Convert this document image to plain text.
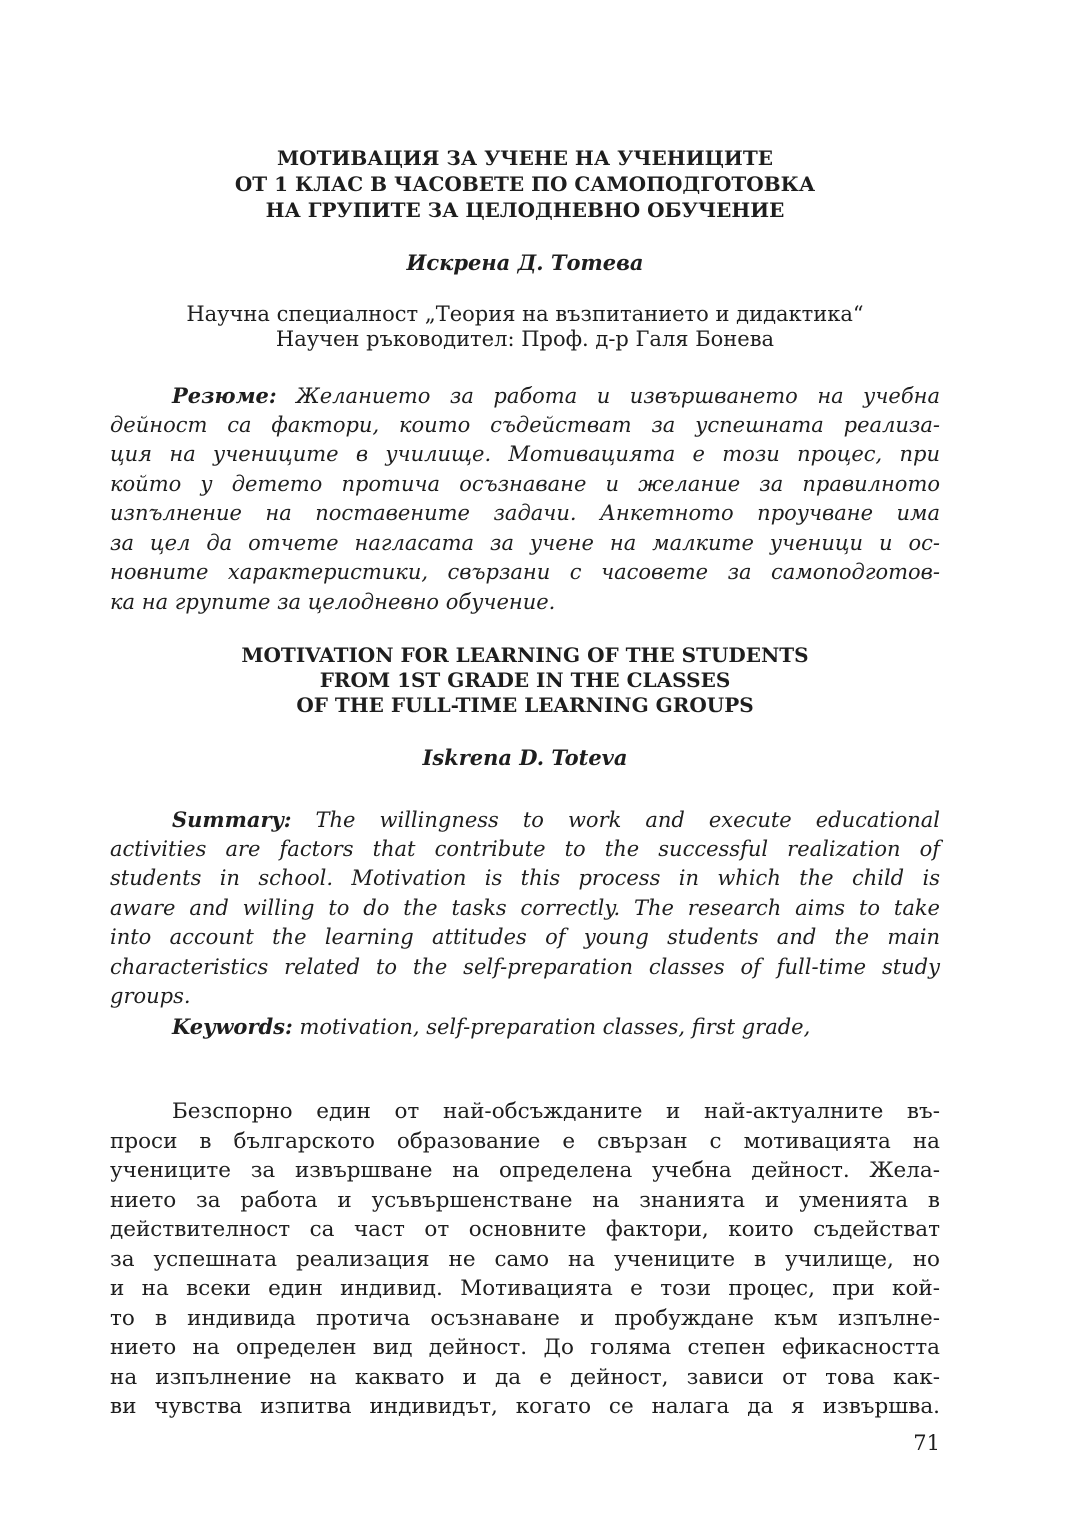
МОТИВАЦИЯ ЗА УЧЕНЕ НА УЧЕНИЦИТЕ
ОТ 1 КЛАС В ЧАСОВЕТЕ ПО САМОПОДГОТОВКА
НА ГРУПИТЕ ЗА ЦЕЛОДНЕВНО ОБУЧЕНИЕ
Искрена Д. Тотева
Научна специалност „Теория на възпитанието и дидактика“
Научен ръководител: Проф. д-р Галя Бонева
Резюме: Желанието за работа и извършването на учебна
дейност са фактори, които съдействат за успешната реализа-
ция на учениците в училище. Мотивацията е този процес, при
който у детето протича осъзнаване и желание за правилното
изпълнение на поставените задачи. Анкетното проучване има
за цел да отчете нагласата за учене на малките ученици и ос-
новните характеристики, свързани с часовете за самоподготов-
ка на групите за целодневно обучение.
MOTIVATION FOR LEARNING OF THE STUDENTS
FROM 1ST GRADE IN THE CLASSES
OF THE FULL-TIME LEARNING GROUPS
Iskrena D. Toteva
Summary: The willingness to work and execute educational
activities are factors that contribute to the successful realization of
students in school. Motivation is this process in which the child is
aware and willing to do the tasks correctly. The research aims to take
into account the learning attitudes of young students and the main
characteristics related to the self-preparation classes of full-time study
groups.
Keywords: motivation, self-preparation classes, first grade,
Безспорно един от най-обсъжданите и най-актуалните въ-
проси в българското образование е свързан с мотивацията на
учениците за извършване на определена учебна дейност. Жела-
нието за работа и усъвършенстване на знанията и уменията в
действителност са част от основните фактори, които съдействат
за успешната реализация не само на учениците в училище, но
и на всеки един индивид. Мотивацията е този процес, при кой-
то в индивида протича осъзнаване и пробуждане към изпълне-
нието на определен вид дейност. До голяма степен ефикасността
на изпълнение на каквато и да е дейност, зависи от това как-
ви чувства изпитва индивидът, когато се налага да я извършва.
71
